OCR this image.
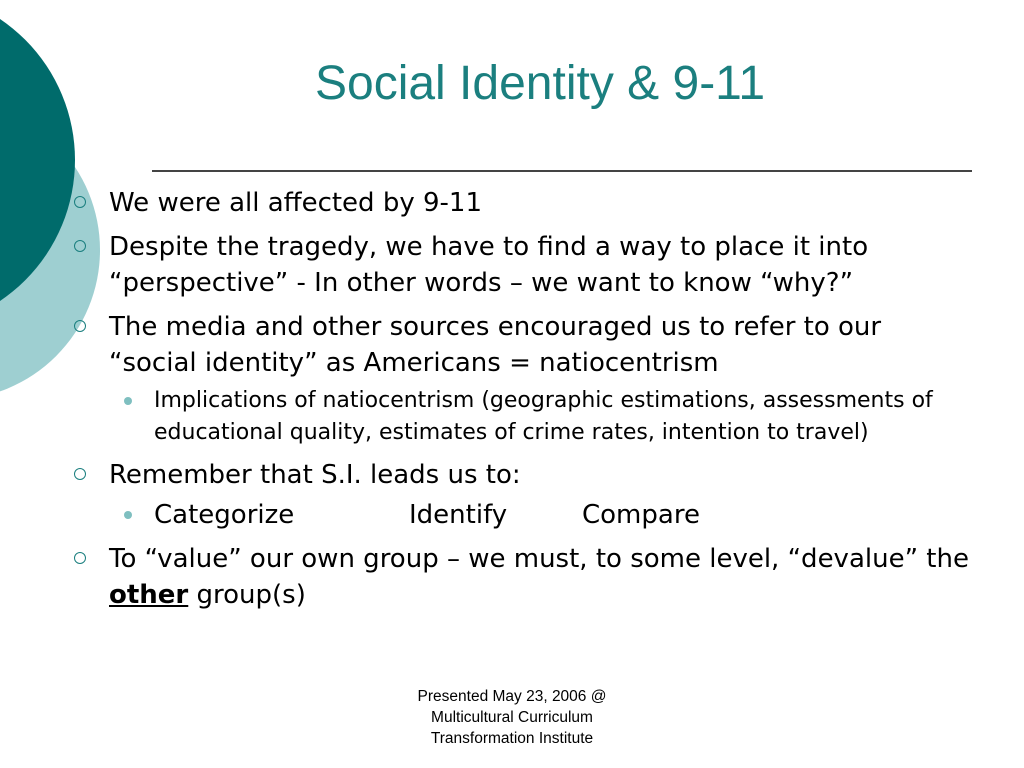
Social Identity & 9-11
We were all affected by 9-11
Despite the tragedy, we have to find a way to place it into “perspective” - In other words – we want to know “why?”
The media and other sources encouraged us to refer to our “social identity” as Americans = natiocentrism
Implications of natiocentrism (geographic estimations, assessments of educational quality, estimates of crime rates, intention to travel)
Remember that S.I. leads us to:
Categorize	Identify	Compare
To “value” our own group – we must, to some level, “devalue” the other group(s)
Presented May 23, 2006 @
Multicultural Curriculum
Transformation Institute
